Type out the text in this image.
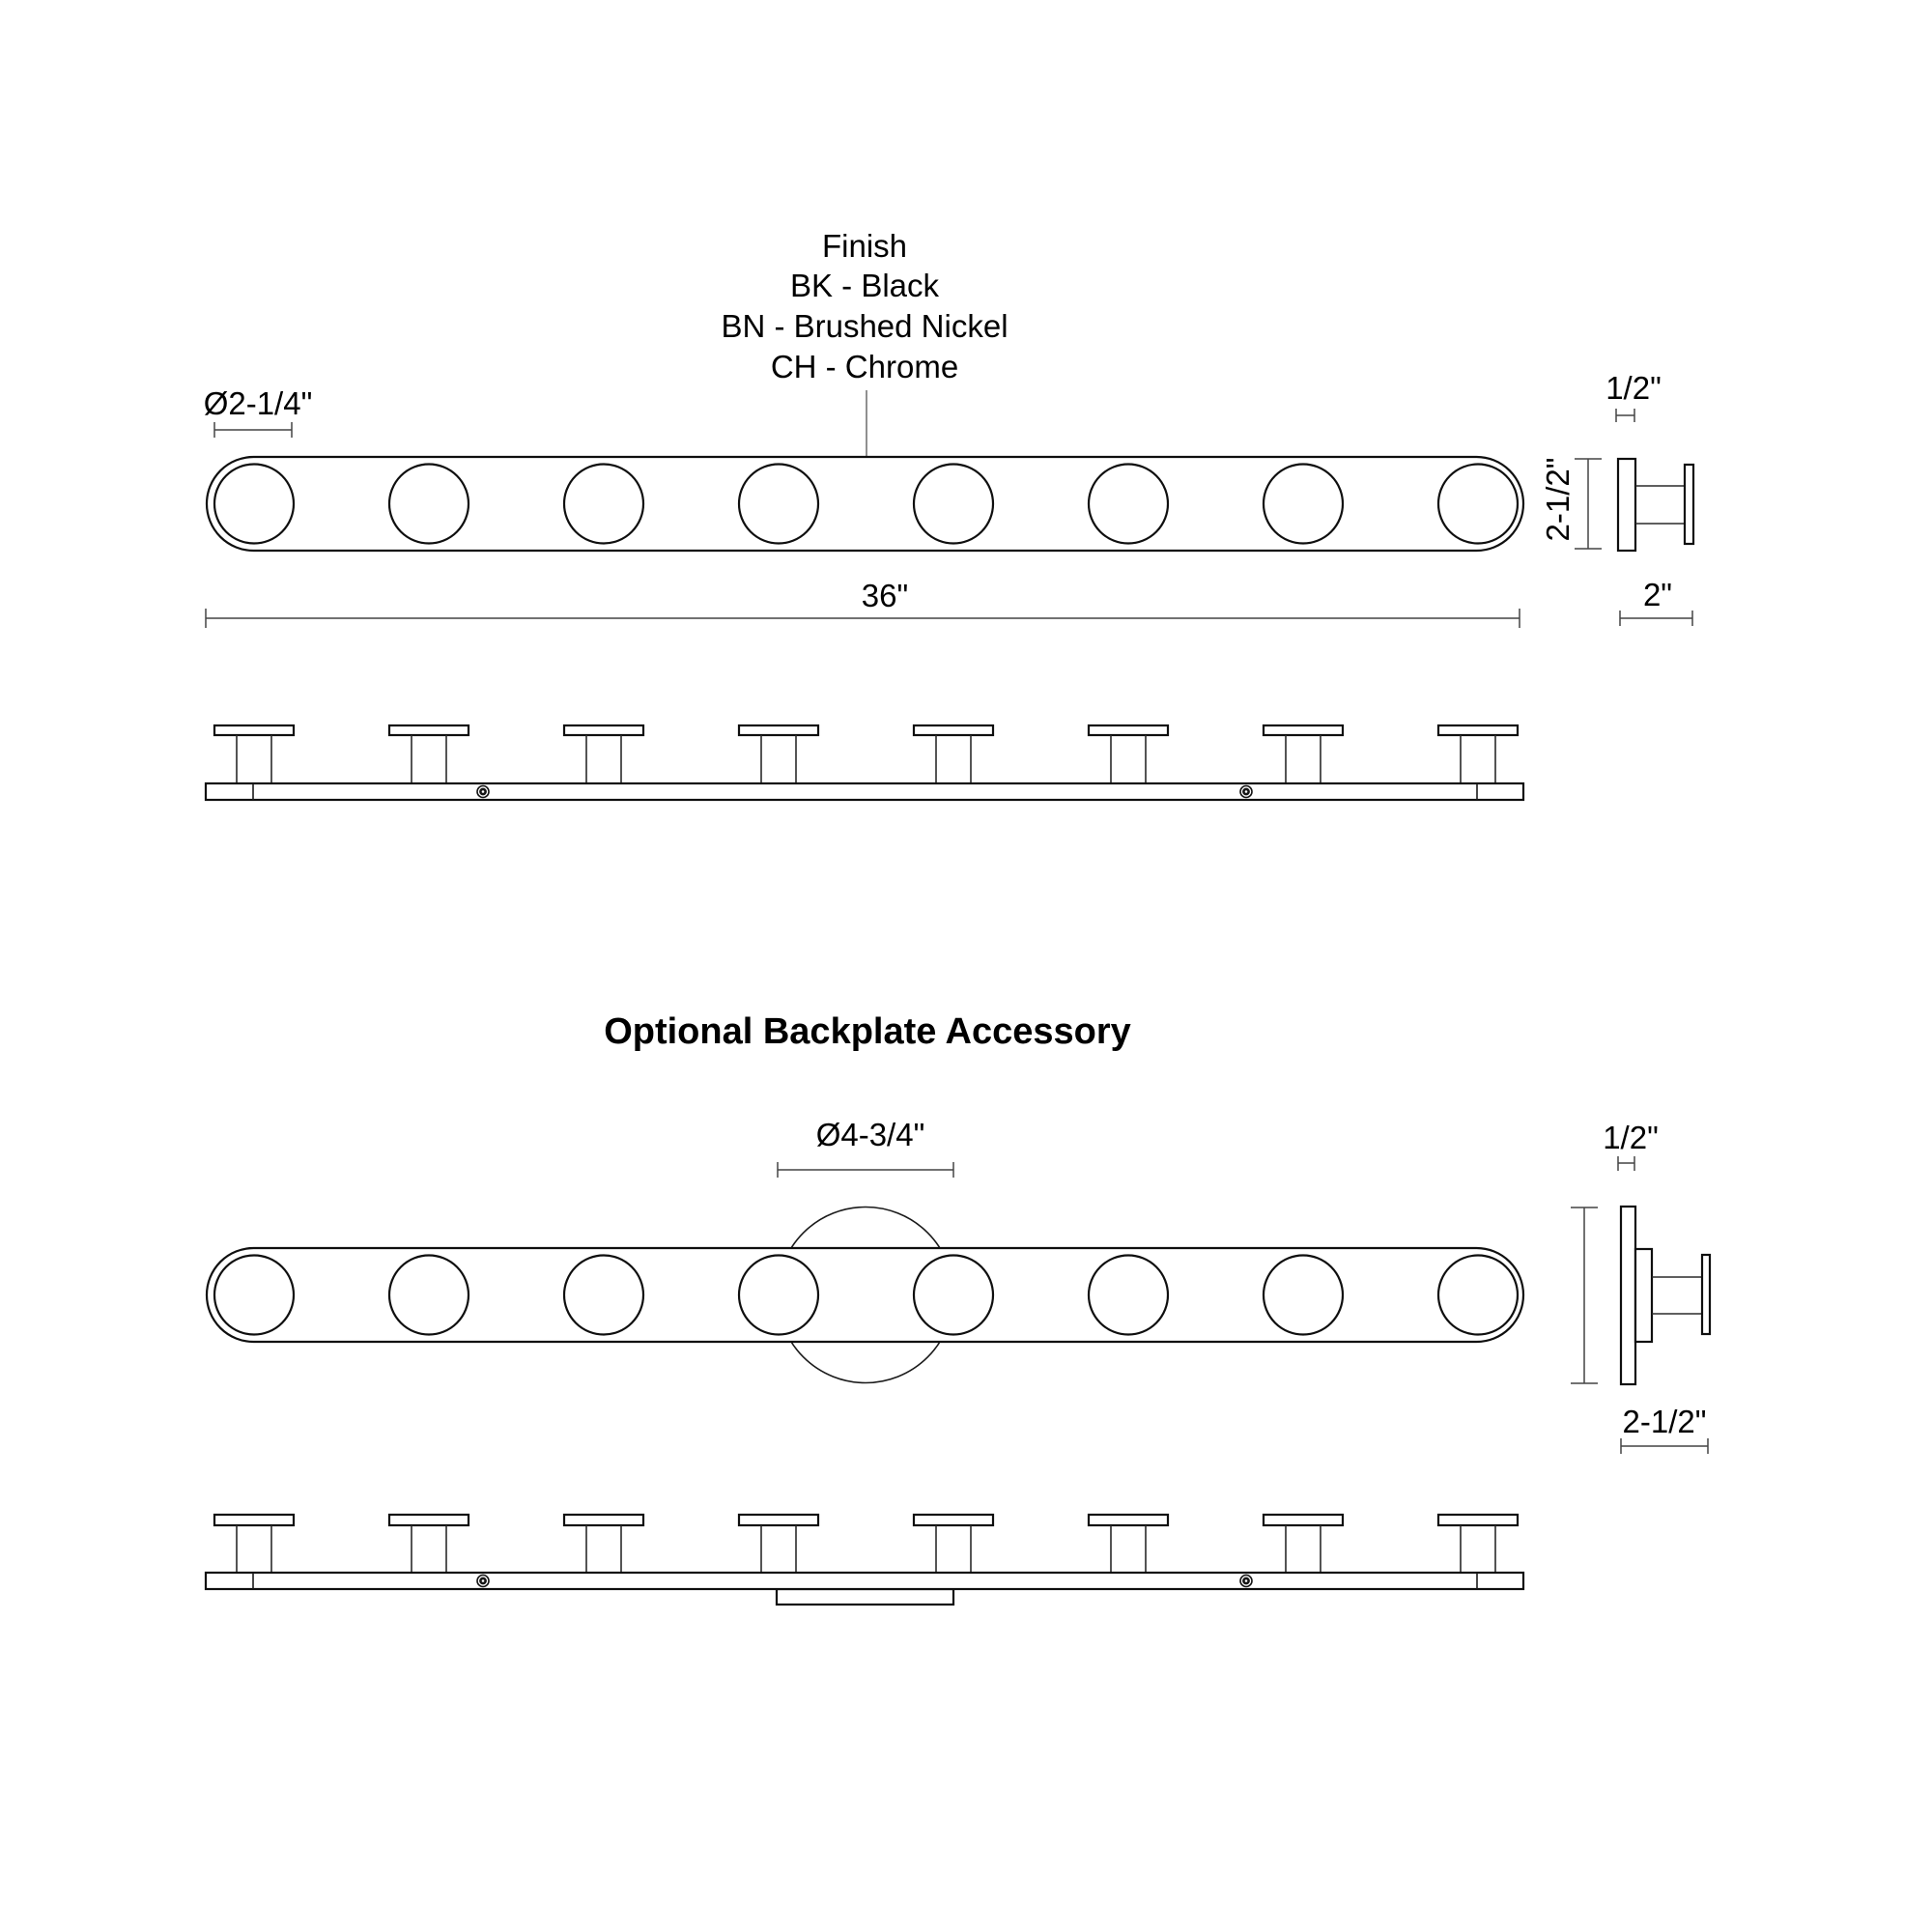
Finish
BK - Black
BN - Brushed Nickel
CH - Chrome
Ø2-1/4"
36"
2-1/2"
1/2"
2"
Optional Backplate Accessory
Ø4-3/4"	1/2"
2-1/2"
